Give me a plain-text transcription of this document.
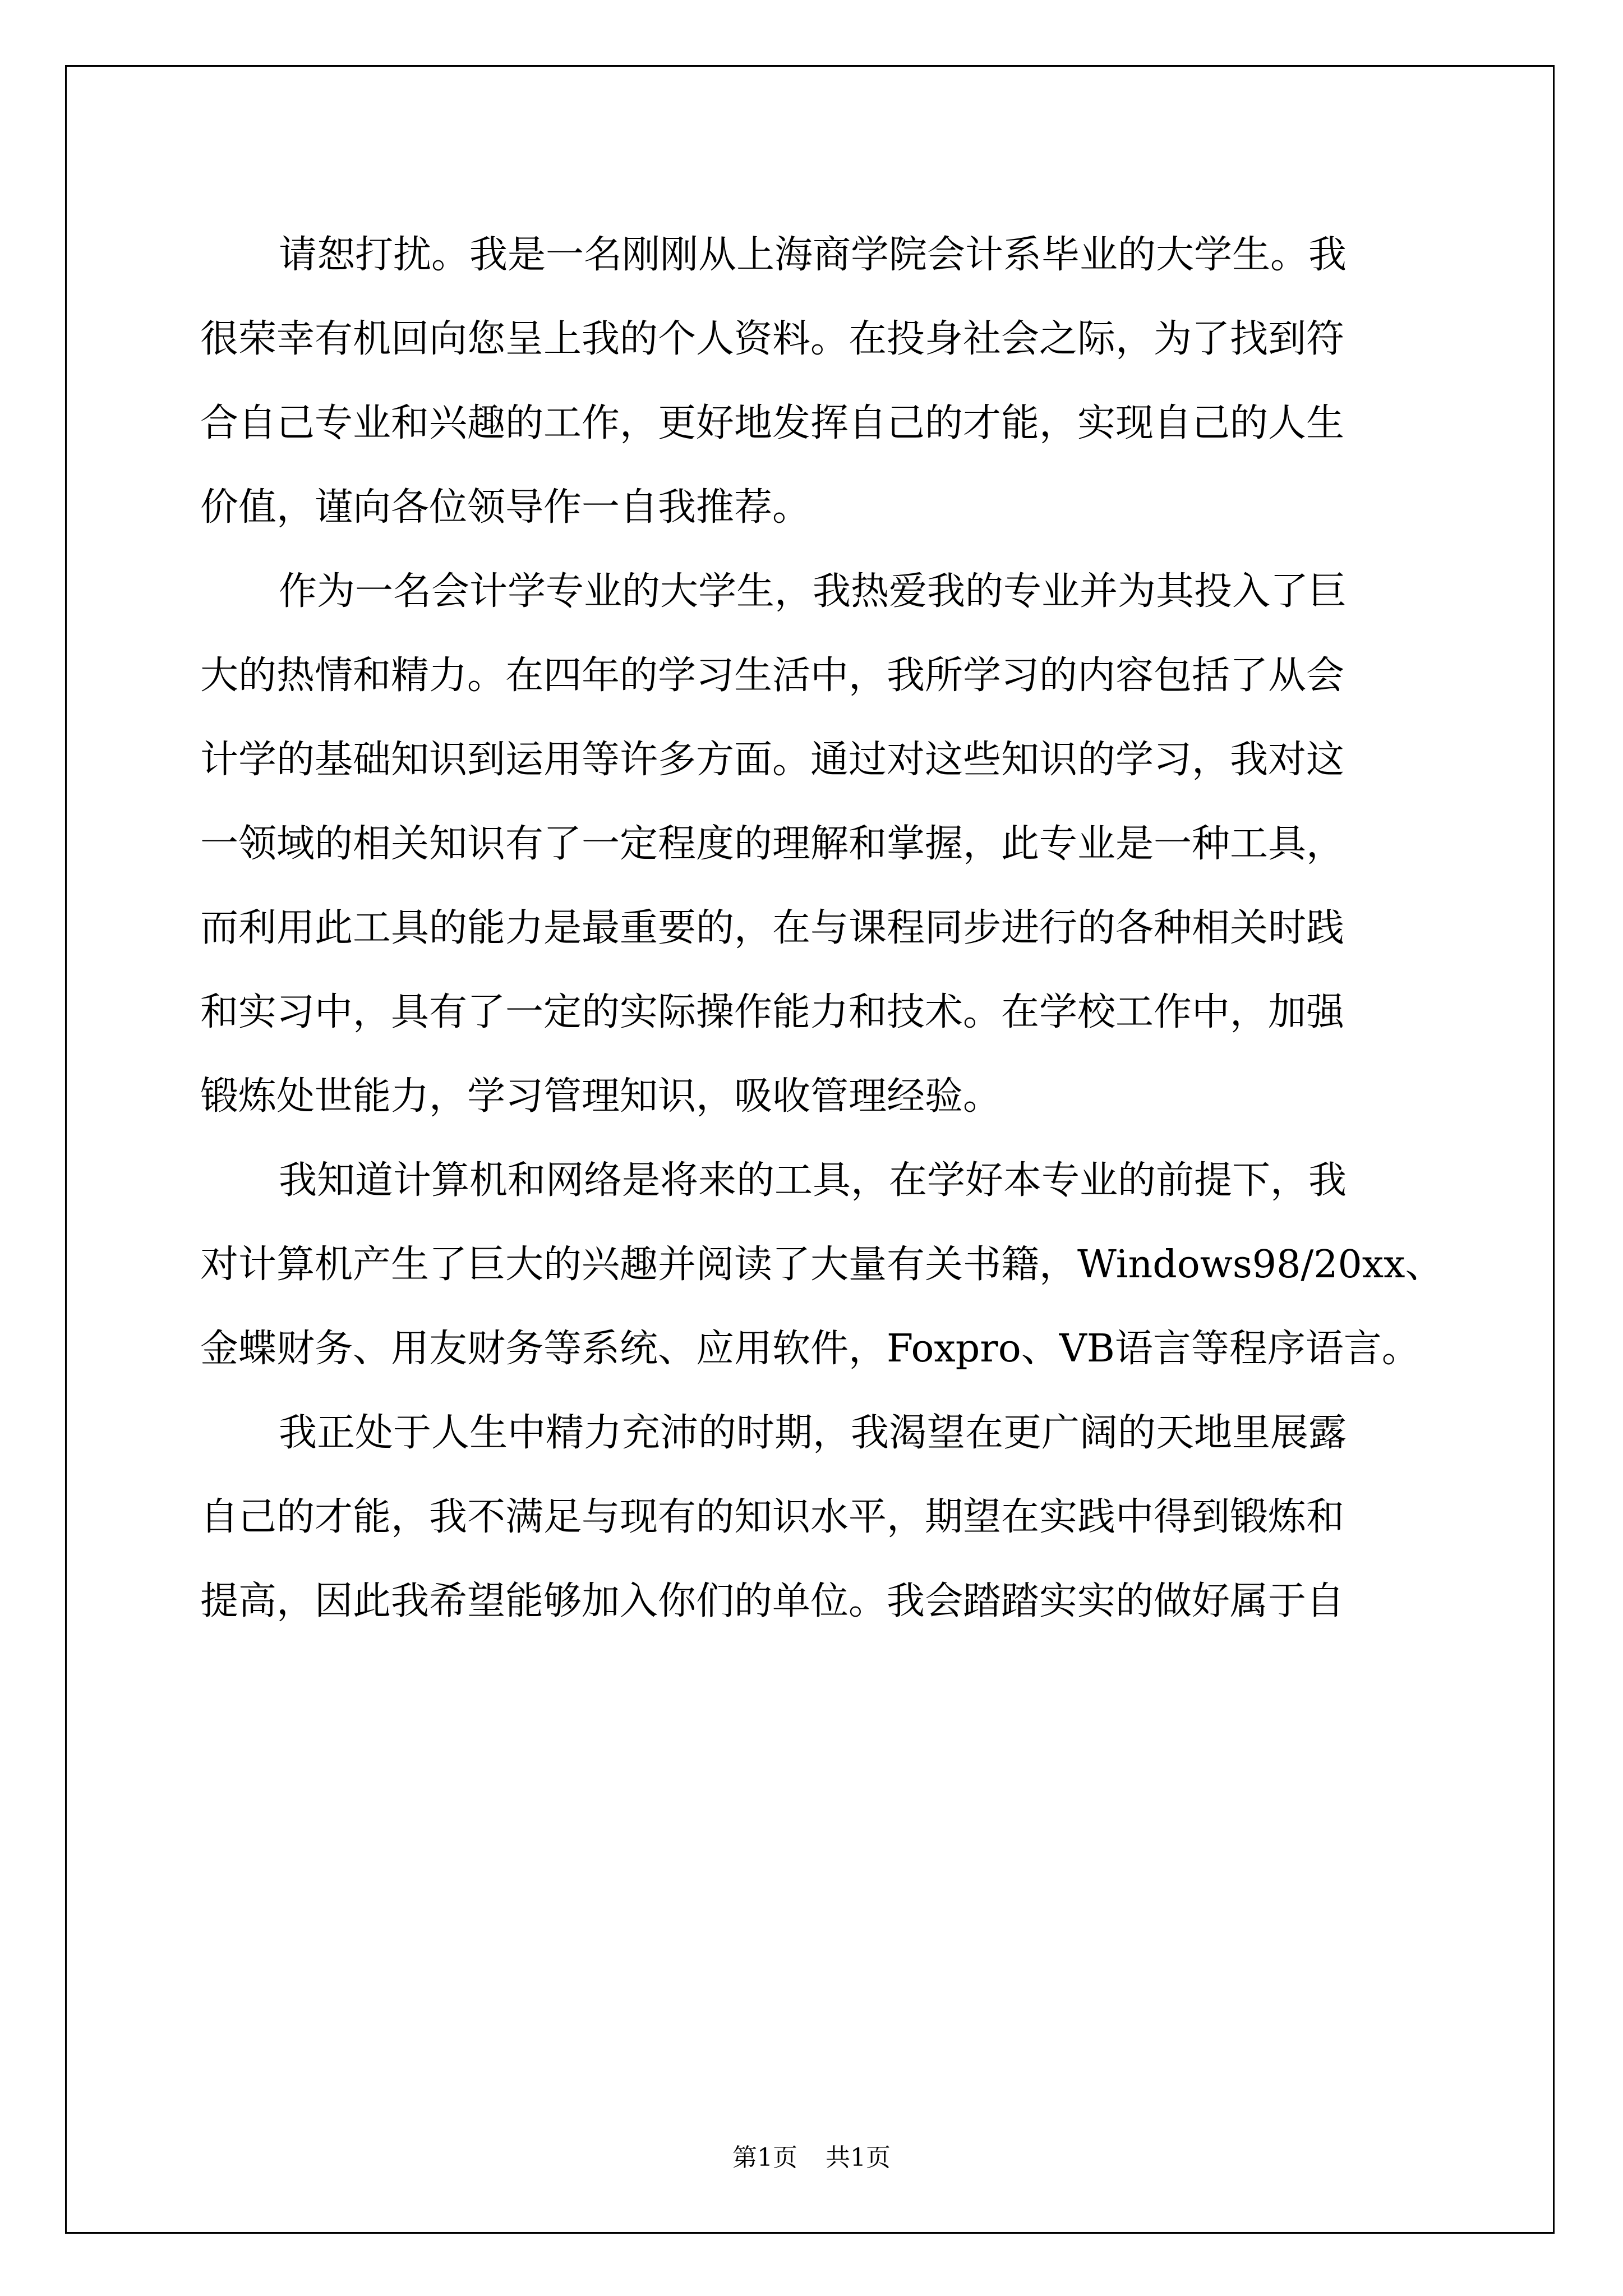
请恕打扰。我是一名刚刚从上海商学院会计系毕业的大学生。我
很荣幸有机回向您呈上我的个人资料。在投身社会之际，为了找到符
合自己专业和兴趣的工作，更好地发挥自己的才能，实现自己的人生
价值，谨向各位领导作一自我推荐。
作为一名会计学专业的大学生，我热爱我的专业并为其投入了巨
大的热情和精力。在四年的学习生活中，我所学习的内容包括了从会
计学的基础知识到运用等许多方面。通过对这些知识的学习，我对这
一领域的相关知识有了一定程度的理解和掌握，此专业是一种工具，
而利用此工具的能力是最重要的，在与课程同步进行的各种相关时践
和实习中，具有了一定的实际操作能力和技术。在学校工作中，加强
锻炼处世能力，学习管理知识，吸收管理经验。
我知道计算机和网络是将来的工具，在学好本专业的前提下，我
对计算机产生了巨大的兴趣并阅读了大量有关书籍，Windows98/20xx、
金蝶财务、用友财务等系统、应用软件，Foxpro、VB语言等程序语言。
我正处于人生中精力充沛的时期，我渴望在更广阔的天地里展露
自己的才能，我不满足与现有的知识水平，期望在实践中得到锻炼和
提高，因此我希望能够加入你们的单位。我会踏踏实实的做好属于自
第1页 共1页
